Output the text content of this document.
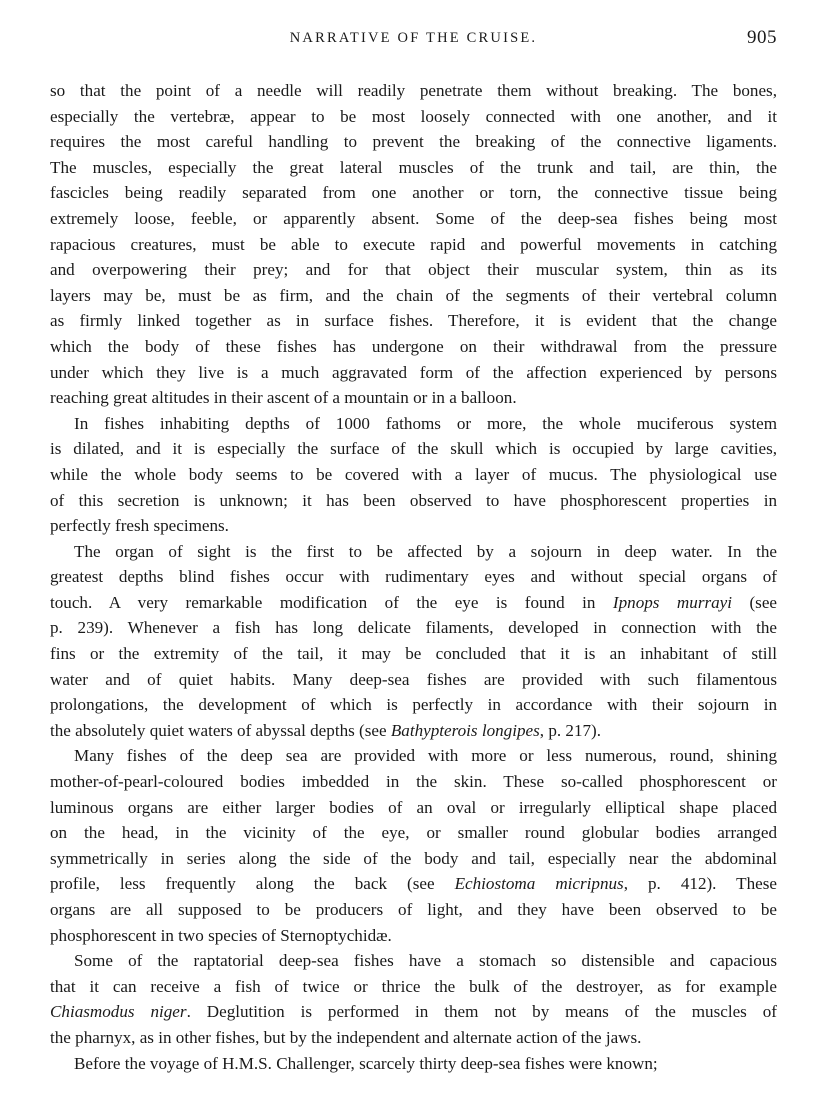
NARRATIVE OF THE CRUISE.	905

so that the point of a needle will readily penetrate them without breaking. The bones,
especially the vertebræ, appear to be most loosely connected with one another, and it
requires the most careful handling to prevent the breaking of the connective ligaments.
The muscles, especially the great lateral muscles of the trunk and tail, are thin, the
fascicles being readily separated from one another or torn, the connective tissue being
extremely loose, feeble, or apparently absent. Some of the deep-sea fishes being most
rapacious creatures, must be able to execute rapid and powerful movements in catching
and overpowering their prey; and for that object their muscular system, thin as its
layers may be, must be as firm, and the chain of the segments of their vertebral column
as firmly linked together as in surface fishes. Therefore, it is evident that the change
which the body of these fishes has undergone on their withdrawal from the pressure
under which they live is a much aggravated form of the affection experienced by persons
reaching great altitudes in their ascent of a mountain or in a balloon.

In fishes inhabiting depths of 1000 fathoms or more, the whole muciferous system
is dilated, and it is especially the surface of the skull which is occupied by large cavities,
while the whole body seems to be covered with a layer of mucus. The physiological use
of this secretion is unknown; it has been observed to have phosphorescent properties in
perfectly fresh specimens.

The organ of sight is the first to be affected by a sojourn in deep water. In the
greatest depths blind fishes occur with rudimentary eyes and without special organs of
touch. A very remarkable modification of the eye is found in Ipnops murrayi (see
p. 239). Whenever a fish has long delicate filaments, developed in connection with the
fins or the extremity of the tail, it may be concluded that it is an inhabitant of still
water and of quiet habits. Many deep-sea fishes are provided with such filamentous
prolongations, the development of which is perfectly in accordance with their sojourn in
the absolutely quiet waters of abyssal depths (see Bathypterois longipes, p. 217).

Many fishes of the deep sea are provided with more or less numerous, round, shining
mother-of-pearl-coloured bodies imbedded in the skin. These so-called phosphorescent or
luminous organs are either larger bodies of an oval or irregularly elliptical shape placed
on the head, in the vicinity of the eye, or smaller round globular bodies arranged
symmetrically in series along the side of the body and tail, especially near the abdominal
profile, less frequently along the back (see Echiostoma micripnus, p. 412). These
organs are all supposed to be producers of light, and they have been observed to be
phosphorescent in two species of Sternoptychidæ.

Some of the raptatorial deep-sea fishes have a stomach so distensible and capacious
that it can receive a fish of twice or thrice the bulk of the destroyer, as for example
Chiasmodus niger. Deglutition is performed in them not by means of the muscles of
the pharnyx, as in other fishes, but by the independent and alternate action of the jaws.

Before the voyage of H.M.S. Challenger, scarcely thirty deep-sea fishes were known;
